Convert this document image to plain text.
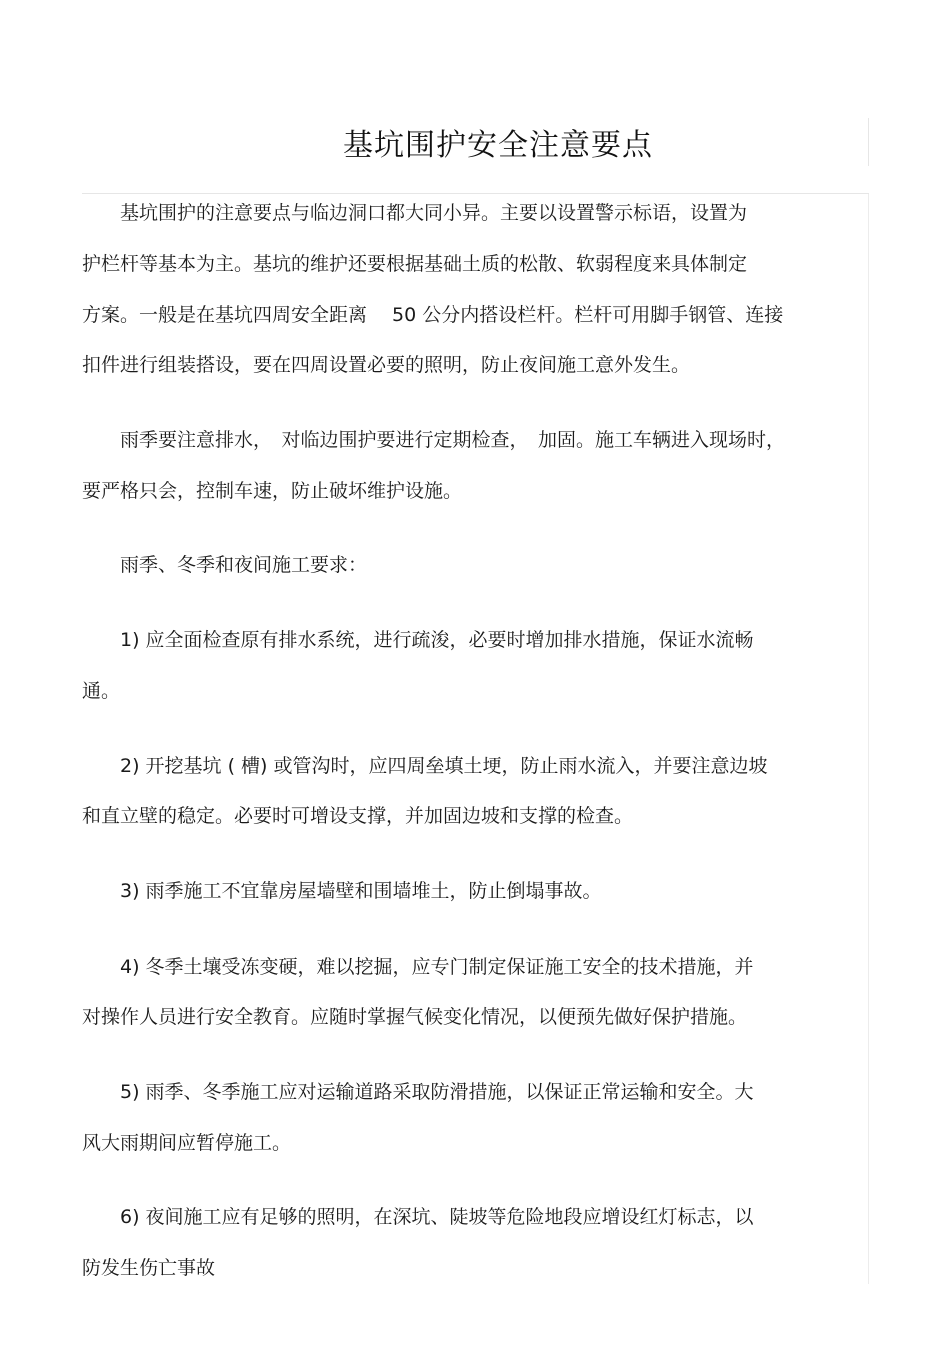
基坑围护安全注意要点
基坑围护的注意要点与临边洞口都大同小异。主要以设置警示标语，设置为
护栏杆等基本为主。基坑的维护还要根据基础土质的松散、软弱程度来具体制定
方案。一般是在基坑四周安全距离　 50 公分内搭设栏杆。栏杆可用脚手钢管、连接
扣件进行组装搭设，要在四周设置必要的照明，防止夜间施工意外发生。
雨季要注意排水，　对临边围护要进行定期检查，　加固。施工车辆进入现场时，
要严格只会，控制车速，防止破坏维护设施。
雨季、冬季和夜间施工要求：
1) 应全面检查原有排水系统，进行疏浚，必要时增加排水措施，保证水流畅
通。
2) 开挖基坑 ( 槽) 或管沟时，应四周垒填土埂，防止雨水流入，并要注意边坡
和直立壁的稳定。必要时可增设支撑，并加固边坡和支撑的检查。
3) 雨季施工不宜靠房屋墙壁和围墙堆土，防止倒塌事故。
4) 冬季土壤受冻变硬，难以挖掘，应专门制定保证施工安全的技术措施，并
对操作人员进行安全教育。应随时掌握气候变化情况，以便预先做好保护措施。
5) 雨季、冬季施工应对运输道路采取防滑措施，以保证正常运输和安全。大
风大雨期间应暂停施工。
6) 夜间施工应有足够的照明，在深坑、陡坡等危险地段应增设红灯标志，以
防发生伤亡事故
